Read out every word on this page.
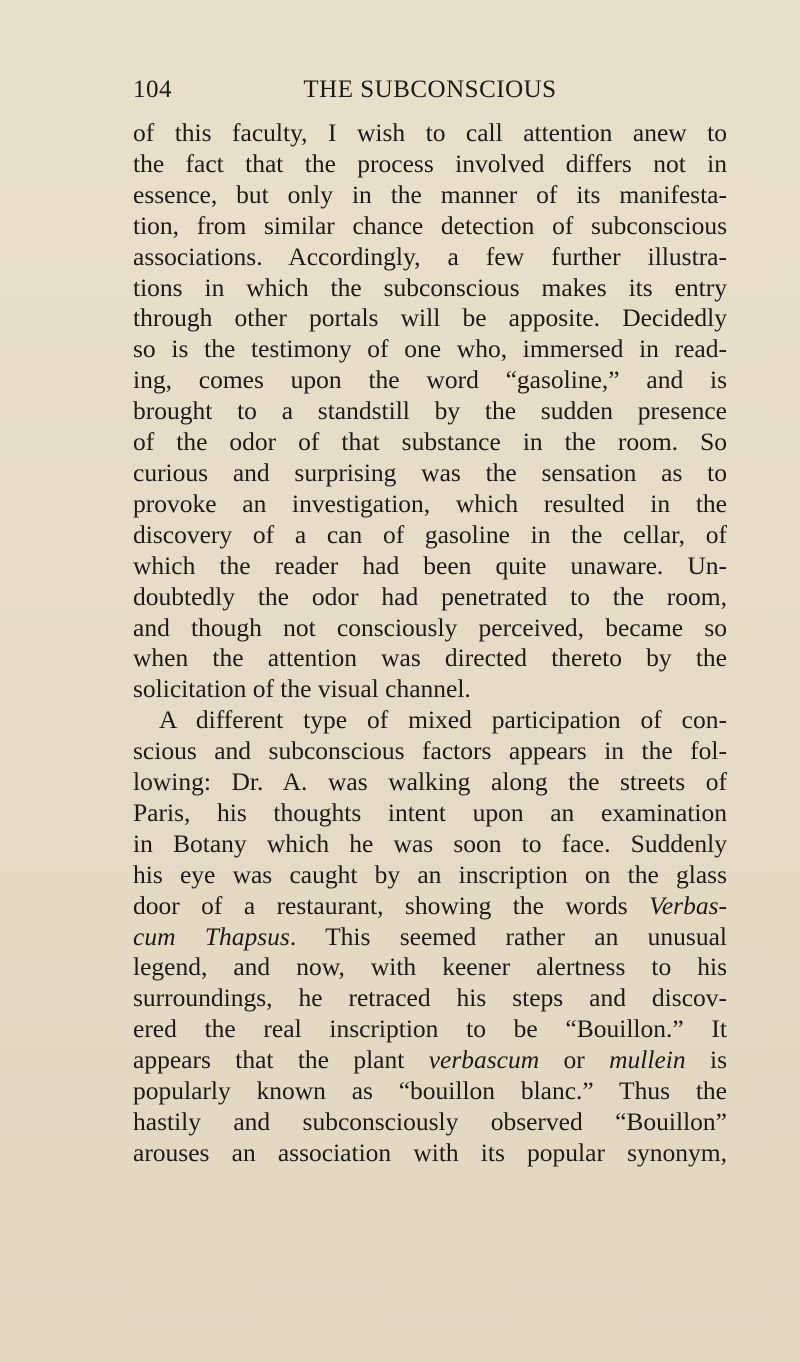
104	THE SUBCONSCIOUS
of this faculty, I wish to call attention anew to
the fact that the process involved differs not in
essence, but only in the manner of its manifesta-
tion, from similar chance detection of subconscious
associations. Accordingly, a few further illustra-
tions in which the subconscious makes its entry
through other portals will be apposite. Decidedly
so is the testimony of one who, immersed in read-
ing, comes upon the word “gasoline,” and is
brought to a standstill by the sudden presence
of the odor of that substance in the room. So
curious and surprising was the sensation as to
provoke an investigation, which resulted in the
discovery of a can of gasoline in the cellar, of
which the reader had been quite unaware. Un-
doubtedly the odor had penetrated to the room,
and though not consciously perceived, became so
when the attention was directed thereto by the
solicitation of the visual channel.
A different type of mixed participation of con-
scious and subconscious factors appears in the fol-
lowing: Dr. A. was walking along the streets of
Paris, his thoughts intent upon an examination
in Botany which he was soon to face. Suddenly
his eye was caught by an inscription on the glass
door of a restaurant, showing the words Verbas-
cum Thapsus. This seemed rather an unusual
legend, and now, with keener alertness to his
surroundings, he retraced his steps and discov-
ered the real inscription to be “Bouillon.” It
appears that the plant verbascum or mullein is
popularly known as “bouillon blanc.” Thus the
hastily and subconsciously observed “Bouillon”
arouses an association with its popular synonym,
